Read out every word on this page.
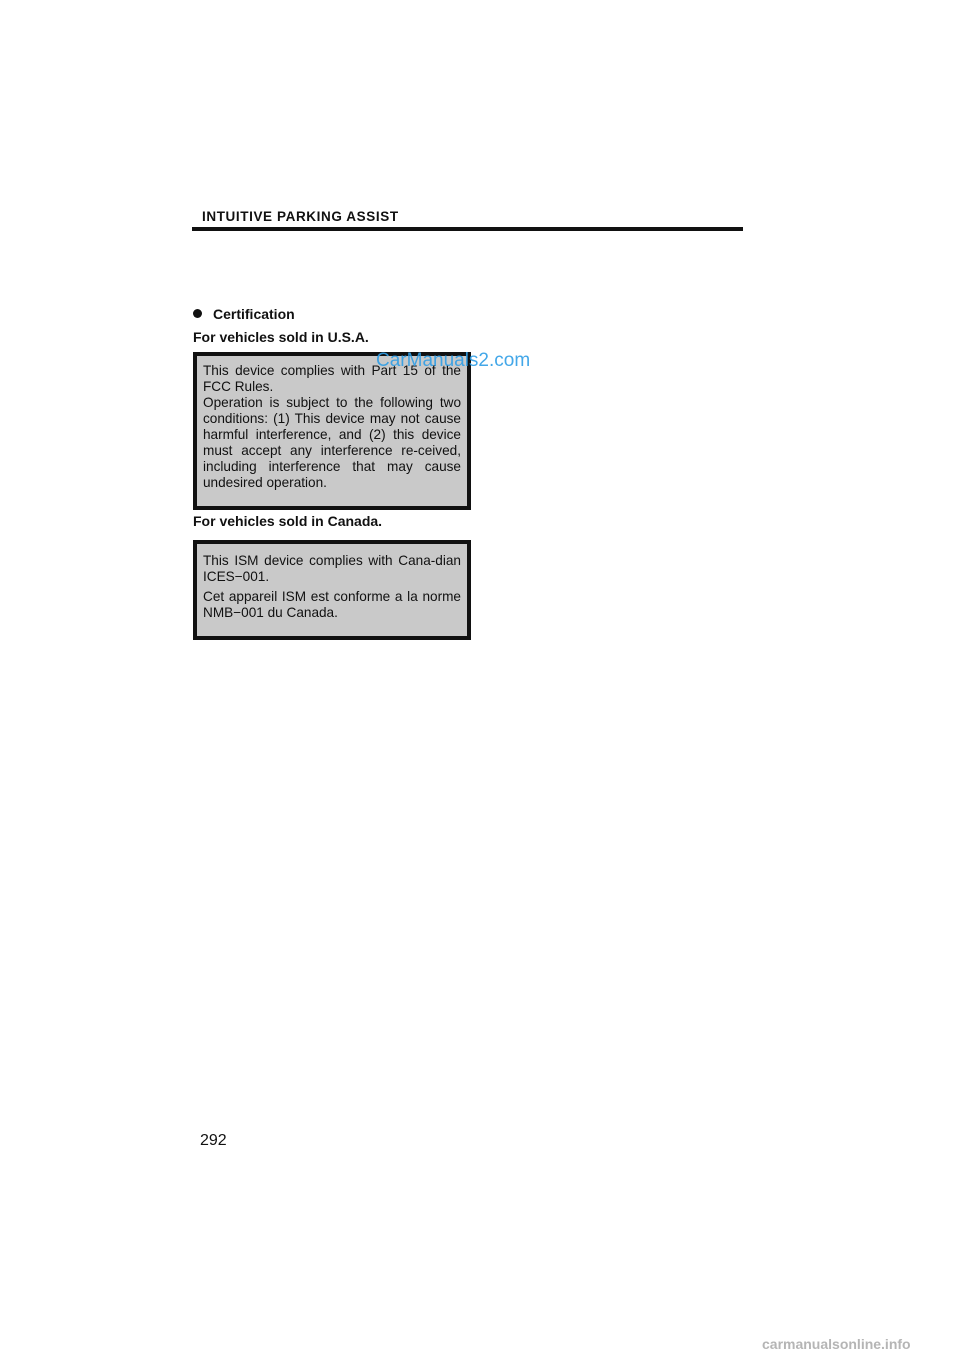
INTUITIVE PARKING ASSIST
Certification
For vehicles sold in U.S.A.

This device complies with Part 15 of the FCC Rules.

Operation is subject to the following two conditions: (1) This device may not cause harmful interference, and (2) this device must accept any interference re-ceived, including interference that may cause undesired operation.

CarManuals2.com
For vehicles sold in Canada.

This ISM device complies with Cana-dian ICES−001.

Cet appareil ISM est conforme a la norme NMB−001 du Canada.

292
carmanualsonline.info
